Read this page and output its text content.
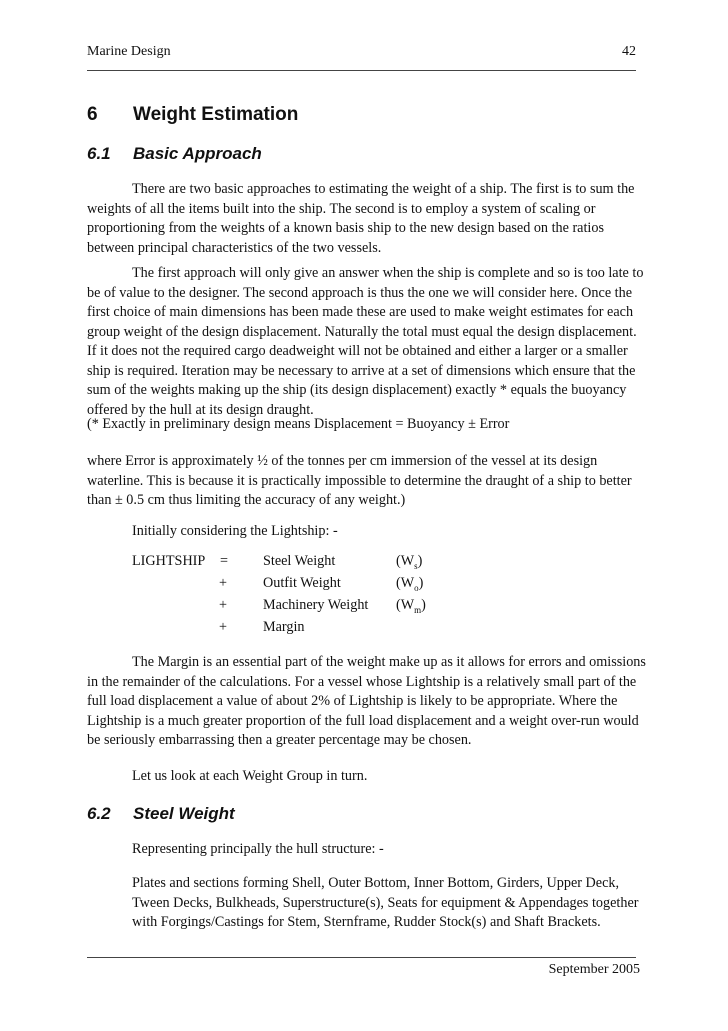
Marine Design	42
6 Weight Estimation
6.1 Basic Approach

There are two basic approaches to estimating the weight of a ship. The first is to sum the weights of all the items built into the ship. The second is to employ a system of scaling or proportioning from the weights of a known basis ship to the new design based on the ratios between principal characteristics of the two vessels.

The first approach will only give an answer when the ship is complete and so is too late to be of value to the designer. The second approach is thus the one we will consider here. Once the first choice of main dimensions has been made these are used to make weight estimates for each group weight of the design displacement. Naturally the total must equal the design displacement. If it does not the required cargo deadweight will not be obtained and either a larger or a smaller ship is required. Iteration may be necessary to arrive at a set of dimensions which ensure that the sum of the weights making up the ship (its design displacement) exactly * equals the buoyancy offered by the hull at its design draught.

(* Exactly in preliminary design means Displacement = Buoyancy ± Error

where Error is approximately ½ of the tonnes per cm immersion of the vessel at its design waterline. This is because it is practically impossible to determine the draught of a ship to better than ± 0.5 cm thus limiting the accuracy of any weight.)

Initially considering the Lightship: -

LIGHTSHIP = Steel Weight	$(W_s)$
+	Outfit Weight	$(W_o)$
+	Machinery Weight $(W_m)$
+	Margin

The Margin is an essential part of the weight make up as it allows for errors and omissions in the remainder of the calculations. For a vessel whose Lightship is a relatively small part of the full load displacement a value of about 2% of Lightship is likely to be appropriate. Where the Lightship is a much greater proportion of the full load displacement and a weight over-run would be seriously embarrassing then a greater percentage may be chosen.

Let us look at each Weight Group in turn.

6.2 Steel Weight

Representing principally the hull structure: -

Plates and sections forming Shell, Outer Bottom, Inner Bottom, Girders, Upper Deck, Tween Decks, Bulkheads, Superstructure(s), Seats for equipment & Appendages together with Forgings/Castings for Stem, Sternframe, Rudder Stock(s) and Shaft Brackets.

September 2005
